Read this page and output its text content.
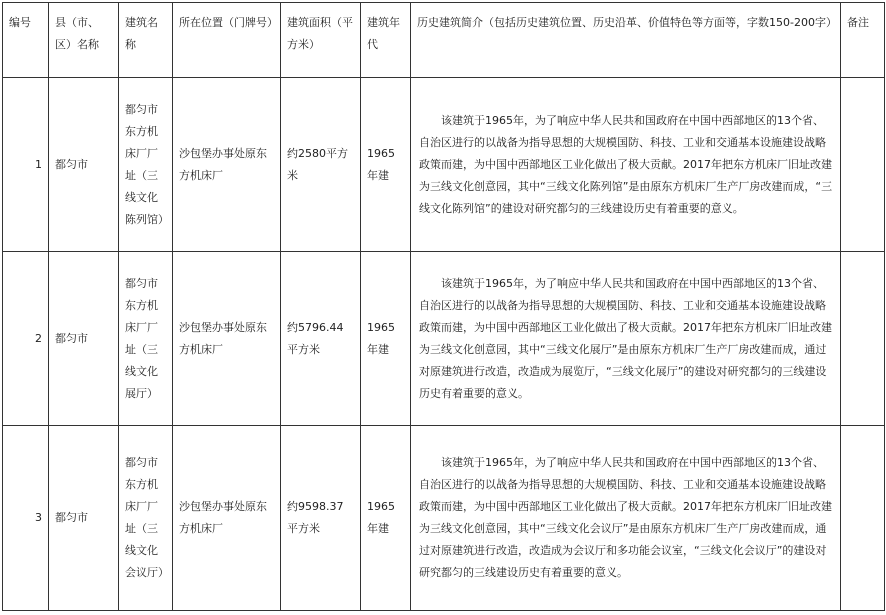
编号	县（市、区）名称	建筑名称	所在位置（门牌号）	建筑面积（平方米）	建筑年代	历史建筑简介（包括历史建筑位置、历史沿革、价值特色等方面等，字数150-200字）	备注
1	都匀市	都匀市东方机床厂厂址（三线文化陈列馆）	沙包堡办事处原东方机床厂	约2580平方米	1965年建	该建筑于1965年，为了响应中华人民共和国政府在中国中西部地区的13个省、自治区进行的以战备为指导思想的大规模国防、科技、工业和交通基本设施建设战略政策而建，为中国中西部地区工业化做出了极大贡献。2017年把东方机床厂旧址改建为三线文化创意园，其中“三线文化陈列馆”是由原东方机床厂生产厂房改建而成，“三线文化陈列馆”的建设对研究都匀的三线建设历史有着重要的意义。	
2	都匀市	都匀市东方机床厂厂址（三线文化展厅）	沙包堡办事处原东方机床厂	约5796.44平方米	1965年建	该建筑于1965年，为了响应中华人民共和国政府在中国中西部地区的13个省、自治区进行的以战备为指导思想的大规模国防、科技、工业和交通基本设施建设战略政策而建，为中国中西部地区工业化做出了极大贡献。2017年把东方机床厂旧址改建为三线文化创意园，其中“三线文化展厅”是由原东方机床厂生产厂房改建而成，通过对原建筑进行改造，改造成为展览厅，“三线文化展厅”的建设对研究都匀的三线建设历史有着重要的意义。	
3	都匀市	都匀市东方机床厂厂址（三线文化会议厅）	沙包堡办事处原东方机床厂	约9598.37平方米	1965年建	该建筑于1965年，为了响应中华人民共和国政府在中国中西部地区的13个省、自治区进行的以战备为指导思想的大规模国防、科技、工业和交通基本设施建设战略政策而建，为中国中西部地区工业化做出了极大贡献。2017年把东方机床厂旧址改建为三线文化创意园，其中“三线文化会议厅”是由原东方机床厂生产厂房改建而成，通过对原建筑进行改造，改造成为会议厅和多功能会议室，“三线文化会议厅”的建设对研究都匀的三线建设历史有着重要的意义。	
